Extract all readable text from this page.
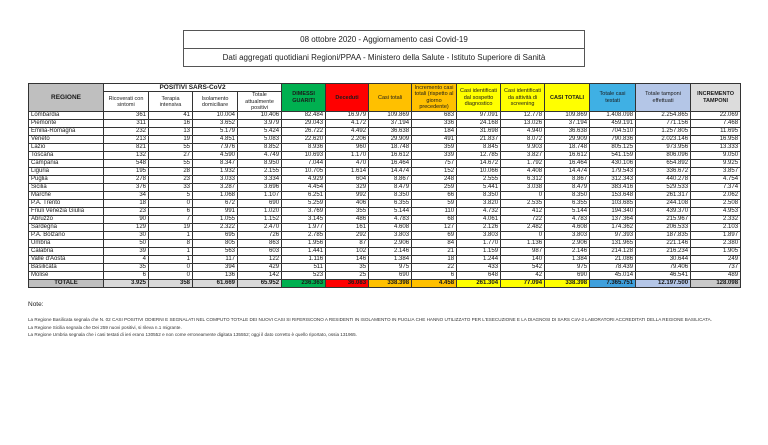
08 ottobre 2020 - Aggiornamento casi Covid-19
Dati aggregati quotidiani Regioni/PPAA - Ministero della Salute - Istituto Superiore di Sanità
REGIONE	POSITIVI SARS-CoV2				DIMESSI GUARITI	Deceduti	Casi totali	Incremento casi totali (rispetto al giorno precedente)	Casi identificati dal sospetto diagnostico	Casi identificati da attività di screening	CASI TOTALI	Totale casi testati	Totale tamponi effettuati	INCREMENTO TAMPONI
	Ricoverati con sintomi	Terapia intensiva	Isolamento domiciliare	Totale attualmente positivi										
Lombardia	361	41	10.004	10.406	82.484	16.979	109.869	683	97.091	12.778	109.869	1.408.098	2.254.865	22.069
Piemonte	311	16	3.652	3.979	29.043	4.172	37.194	336	24.168	13.026	37.194	459.191	771.156	7.468
Emilia-Romagna	232	13	5.179	5.424	26.722	4.492	36.638	184	31.698	4.940	36.638	704.510	1.257.805	11.695
Veneto	213	19	4.851	5.083	22.620	2.206	29.909	491	21.837	8.072	29.909	790.836	2.023.146	16.958
Lazio	821	55	7.976	8.852	8.936	960	18.748	359	8.845	9.903	18.748	805.125	973.956	13.333
Toscana	132	27	4.590	4.749	10.693	1.170	16.612	339	12.785	3.827	16.612	541.159	806.096	9.050
Campania	548	55	8.347	8.950	7.044	470	16.464	757	14.672	1.792	16.464	430.106	654.892	9.925
Liguria	195	28	1.932	2.155	10.705	1.614	14.474	152	10.066	4.408	14.474	179.543	336.672	3.857
Puglia	278	23	3.033	3.334	4.929	604	8.867	248	2.555	6.312	8.867	312.343	440.278	4.754
Sicilia	376	33	3.287	3.696	4.454	329	8.479	259	5.441	3.038	8.479	383.416	529.533	7.374
Marche	34	5	1.068	1.107	6.251	992	8.350	66	8.350	0	8.350	153.648	261.317	2.062
P.A. Trento	18	0	672	690	5.259	406	6.355	59	3.820	2.535	6.355	103.685	244.108	2.508
Friuli Venezia Giulia	23	6	991	1.020	3.769	355	5.144	110	4.732	412	5.144	194.340	439.370	4.953
Abruzzo	90	7	1.055	1.152	3.145	486	4.783	68	4.061	722	4.783	137.364	215.967	2.332
Sardegna	129	19	2.322	2.470	1.977	161	4.608	127	2.126	2.482	4.608	174.362	206.533	2.103
P.A. Bolzano	30	1	695	726	2.785	292	3.803	69	3.803	0	3.803	97.393	187.835	1.897
Umbria	50	8	805	863	1.956	87	2.906	84	1.770	1.136	2.906	131.965	221.146	2.380
Calabria	39	1	563	603	1.441	102	2.146	21	1.159	987	2.146	214.128	216.234	1.905
Valle d'Aosta	4	1	117	122	1.116	146	1.384	18	1.244	140	1.384	21.086	30.644	249
Basilicata	35	0	394	429	511	35	975	22	433	542	975	78.439	79.406	737
Molise	6	0	136	142	523	25	690	6	648	42	690	45.014	46.541	489
TOTALE	3.925	358	61.669	65.952	236.363	36.083	338.398	4.458	261.304	77.094	338.398	7.365.751	12.197.500	128.098
Note:
La Regione Basilicata segnala che N. 02 CASI POSITIVI ODIERNI E SEGNALATI NEL COMPUTO TOTALE DEI NUOVI CASI SI RIFERISCONO A RESIDENTI IN ISOLAMENTO IN PUGLIA CHE HANNO UTILIZZATO PER L'ESECUZIONE E LA DIAGNOSI DI SARS CoV-2 LABORATORI ACCREDITATI DELLA REGIONE BASILICATA.
La Regione Sicilia segnala che Dei 259 nuovi positivi, si rileva n.1 migrante.
La Regione Umbria segnala che i casi testati di ieri erano 130552 e non come erroneamente digitata 135552; oggi il dato corretto è quello riportato, ossia 131965.
